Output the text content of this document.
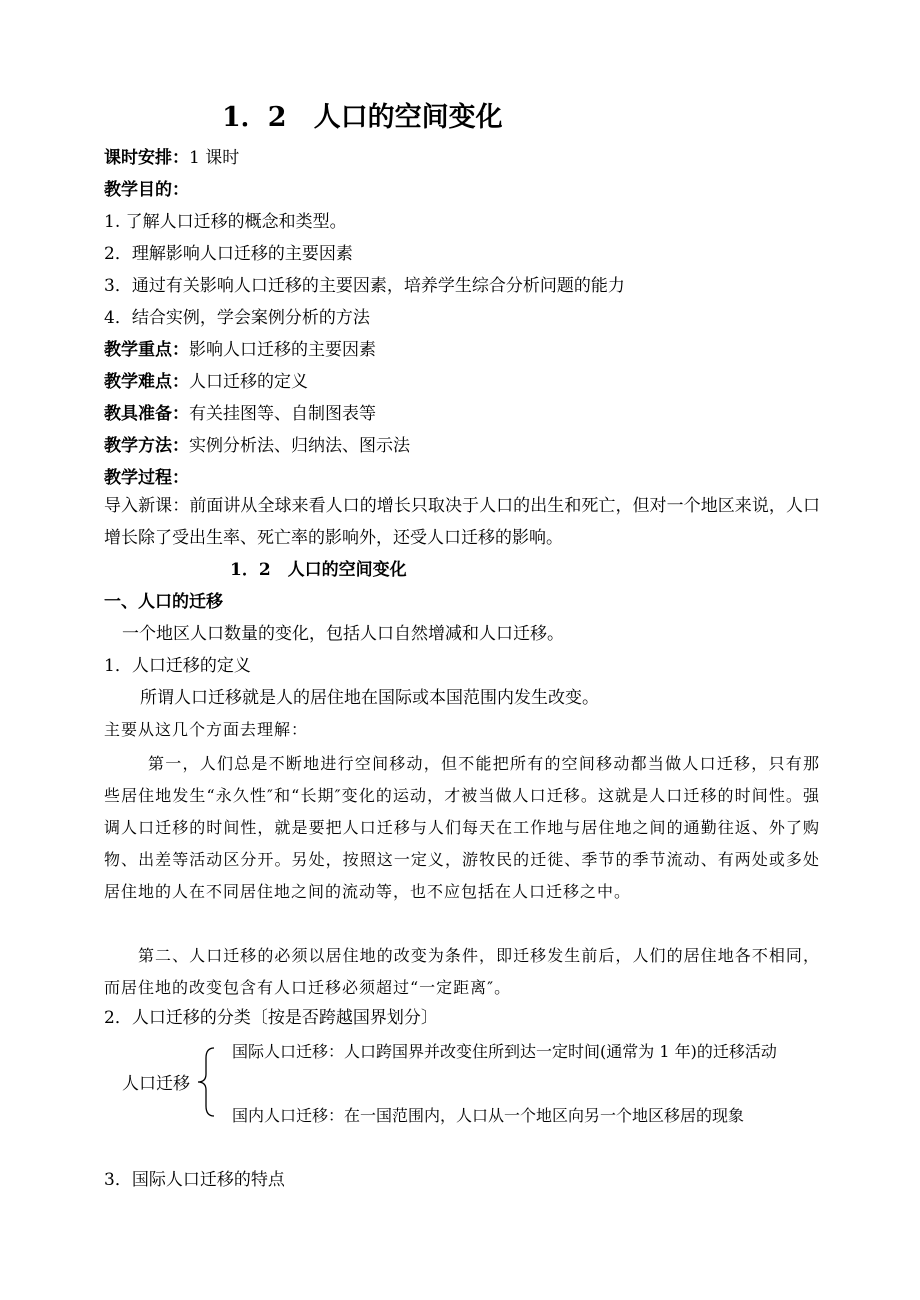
1．2　人口的空间变化
课时安排：1 课时
教学目的：
1. 了解人口迁移的概念和类型。
2．理解影响人口迁移的主要因素
3．通过有关影响人口迁移的主要因素，培养学生综合分析问题的能力
4．结合实例，学会案例分析的方法
教学重点：影响人口迁移的主要因素
教学难点：人口迁移的定义
教具准备：有关挂图等、自制图表等
教学方法：实例分析法、归纳法、图示法
教学过程：
导入新课：前面讲从全球来看人口的增长只取决于人口的出生和死亡，但对一个地区来说，人口增长除了受出生率、死亡率的影响外，还受人口迁移的影响。
1．2　人口的空间变化
一、人口的迁移
一个地区人口数量的变化，包括人口自然增减和人口迁移。
1．人口迁移的定义
所谓人口迁移就是人的居住地在国际或本国范围内发生改变。
主要从这几个方面去理解：
第一，人们总是不断地进行空间移动，但不能把所有的空间移动都当做人口迁移，只有那些居住地发生“永久性″和“长期″变化的运动，才被当做人口迁移。这就是人口迁移的时间性。强调人口迁移的时间性，就是要把人口迁移与人们每天在工作地与居住地之间的通勤往返、外了购物、出差等活动区分开。另处，按照这一定义，游牧民的迁徙、季节的季节流动、有两处或多处居住地的人在不同居住地之间的流动等，也不应包括在人口迁移之中。
第二、人口迁移的必须以居住地的改变为条件，即迁移发生前后，人们的居住地各不相同，而居住地的改变包含有人口迁移必须超过“一定距离″。
2．人口迁移的分类〔按是否跨越国界划分〕
人口迁移
国际人口迁移：人口跨国界并改变住所到达一定时间(通常为 1 年)的迁移活动
国内人口迁移：在一国范围内，人口从一个地区向另一个地区移居的现象
3．国际人口迁移的特点
